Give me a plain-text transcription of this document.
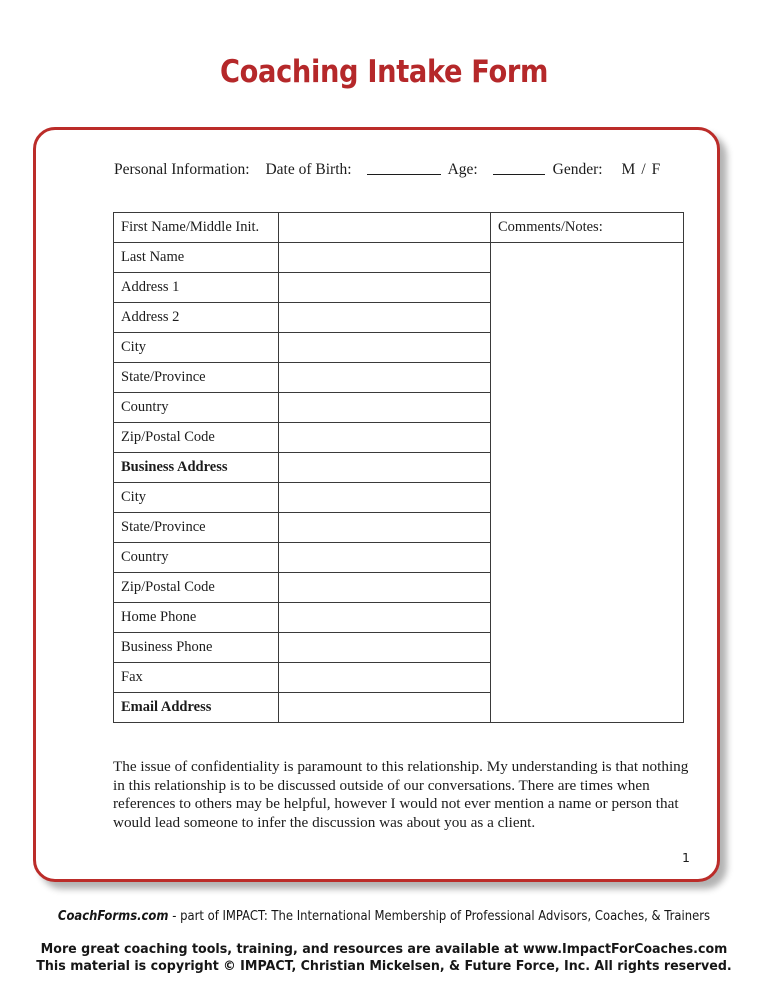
Coaching Intake Form
Personal Information: Date of Birth:	Age:	Gender: M / F
First Name/Middle Init.		Comments/Notes:
Last Name		
Address 1		
Address 2		
City		
State/Province		
Country		
Zip/Postal Code		
Business Address		
City		
State/Province		
Country		
Zip/Postal Code		
Home Phone		
Business Phone		
Fax		
Email Address		
The issue of confidentiality is paramount to this relationship. My understanding is that nothing in this relationship is to be discussed outside of our conversations. There are times when references to others may be helpful, however I would not ever mention a name or person that would lead someone to infer the discussion was about you as a client.
1
CoachForms.com - part of IMPACT: The International Membership of Professional Advisors, Coaches, & Trainers
More great coaching tools, training, and resources are available at www.ImpactForCoaches.com
This material is copyright © IMPACT, Christian Mickelsen, & Future Force, Inc. All rights reserved.
